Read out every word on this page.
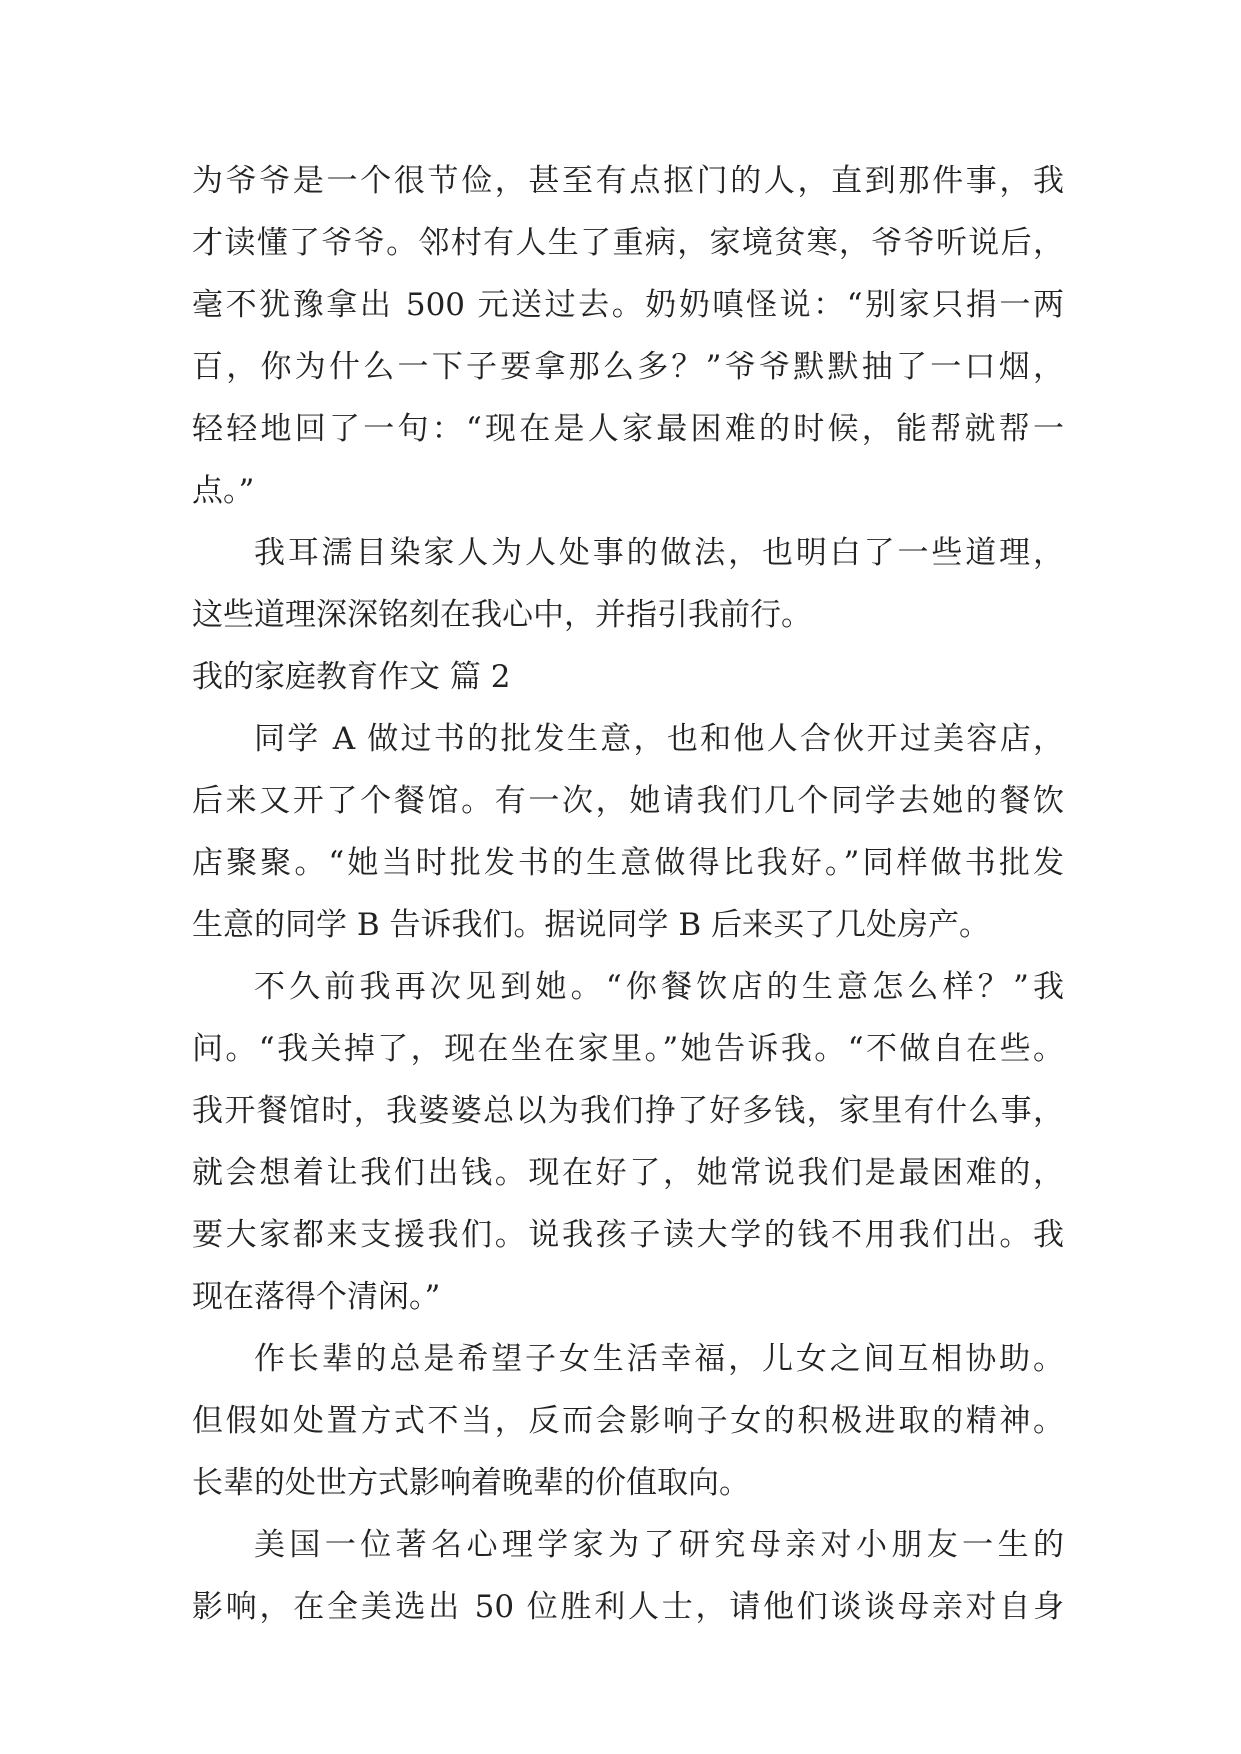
为爷爷是一个很节俭，甚至有点抠门的人，直到那件事，我
才读懂了爷爷。邻村有人生了重病，家境贫寒，爷爷听说后，
毫不犹豫拿出 500 元送过去。奶奶嗔怪说：“别家只捐一两
百，你为什么一下子要拿那么多？”爷爷默默抽了一口烟，
轻轻地回了一句：“现在是人家最困难的时候，能帮就帮一
点。”
我耳濡目染家人为人处事的做法，也明白了一些道理，
这些道理深深铭刻在我心中，并指引我前行。
我的家庭教育作文 篇 2
同学 A 做过书的批发生意，也和他人合伙开过美容店，
后来又开了个餐馆。有一次，她请我们几个同学去她的餐饮
店聚聚。“她当时批发书的生意做得比我好。”同样做书批发
生意的同学 B 告诉我们。据说同学 B 后来买了几处房产。
不久前我再次见到她。“你餐饮店的生意怎么样？”我
问。“我关掉了，现在坐在家里。”她告诉我。“不做自在些。
我开餐馆时，我婆婆总以为我们挣了好多钱，家里有什么事，
就会想着让我们出钱。现在好了，她常说我们是最困难的，
要大家都来支援我们。说我孩子读大学的钱不用我们出。我
现在落得个清闲。”
作长辈的总是希望子女生活幸福，儿女之间互相协助。
但假如处置方式不当，反而会影响子女的积极进取的精神。
长辈的处世方式影响着晚辈的价值取向。
美国一位著名心理学家为了研究母亲对小朋友一生的
影响，在全美选出 50 位胜利人士，请他们谈谈母亲对自身
